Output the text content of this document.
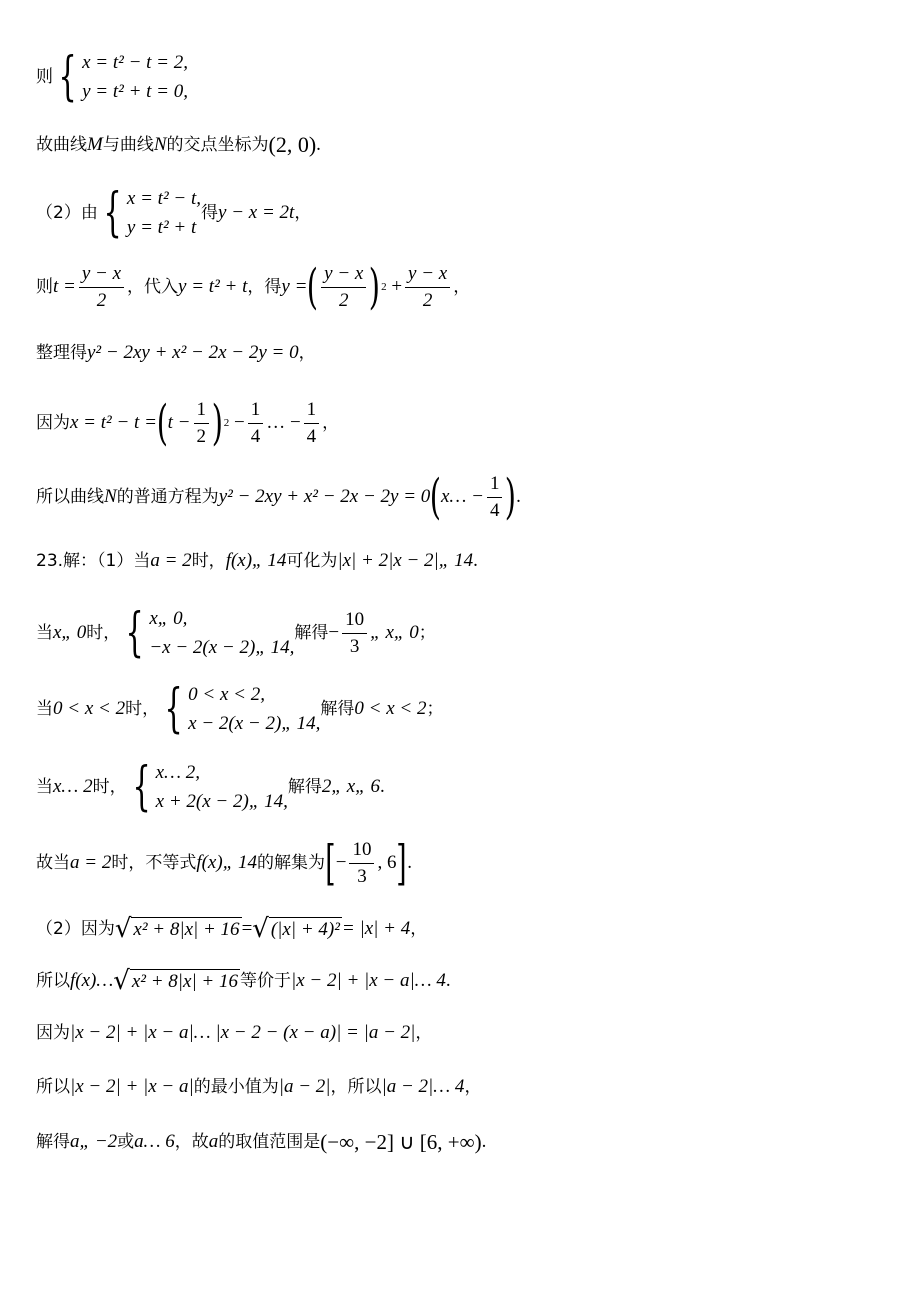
则 { x = t² − t = 2,
y = t² + t = 0,
故曲线 M 与曲线 N 的交点坐标为 (2, 0) .
（2）由 { x = t² − t,
y = t² + t
得 y − x = 2t ，
则 $t = \frac{y - x}{2}$ ，代入 y = t² + t ，得 y = ( $\frac{y - x}{2}$ ) $2 + \frac{y - x}{2}$ ，
整理得 y² − 2xy + x² − 2x − 2y = 0 ，
因为 x = t² − t = ( $t - \frac{1}{2}$ ) $2 - \frac{1}{4}$ … − $\frac{1}{4}$ ，
所以曲线 N 的普通方程为 y² − 2xy + x² − 2x − 2y = 0 ( x… − $\frac{1}{4}$ ) .
23.解：（1）当 a = 2 时， f(x)„ 14 可化为 |x| + 2|x − 2|„ 14 .
当 x„ 0 时， { x„ 0,
−x − 2(x − 2)„ 14,
解得 − $\frac{10}{3}$ „ x„ 0 ；
当 0 < x < 2 时， { 0 < x < 2,
x − 2(x − 2)„ 14,
解得 0 < x < 2 ；
当 x… 2 时， { x… 2,
x + 2(x − 2)„ 14,
解得 2„ x„ 6 .
故当 a = 2 时，不等式 f(x)„ 14 的解集为 [ − $\frac{10}{3}$ , 6 ] .
（2）因为 √ x² + 8|x| + 16 = √ (|x| + 4)² = |x| + 4 ，
所以 f(x)… √ x² + 8|x| + 16 等价于 |x − 2| + |x − a|… 4 .
因为 |x − 2| + |x − a|… |x − 2 − (x − a)| = |a − 2| ，
所以 |x − 2| + |x − a| 的最小值为 |a − 2| ，所以 |a − 2|… 4 ，
解得 a„ −2 或 a… 6 ，故 a 的取值范围是 (−∞, −2] ∪ [6, +∞) .
